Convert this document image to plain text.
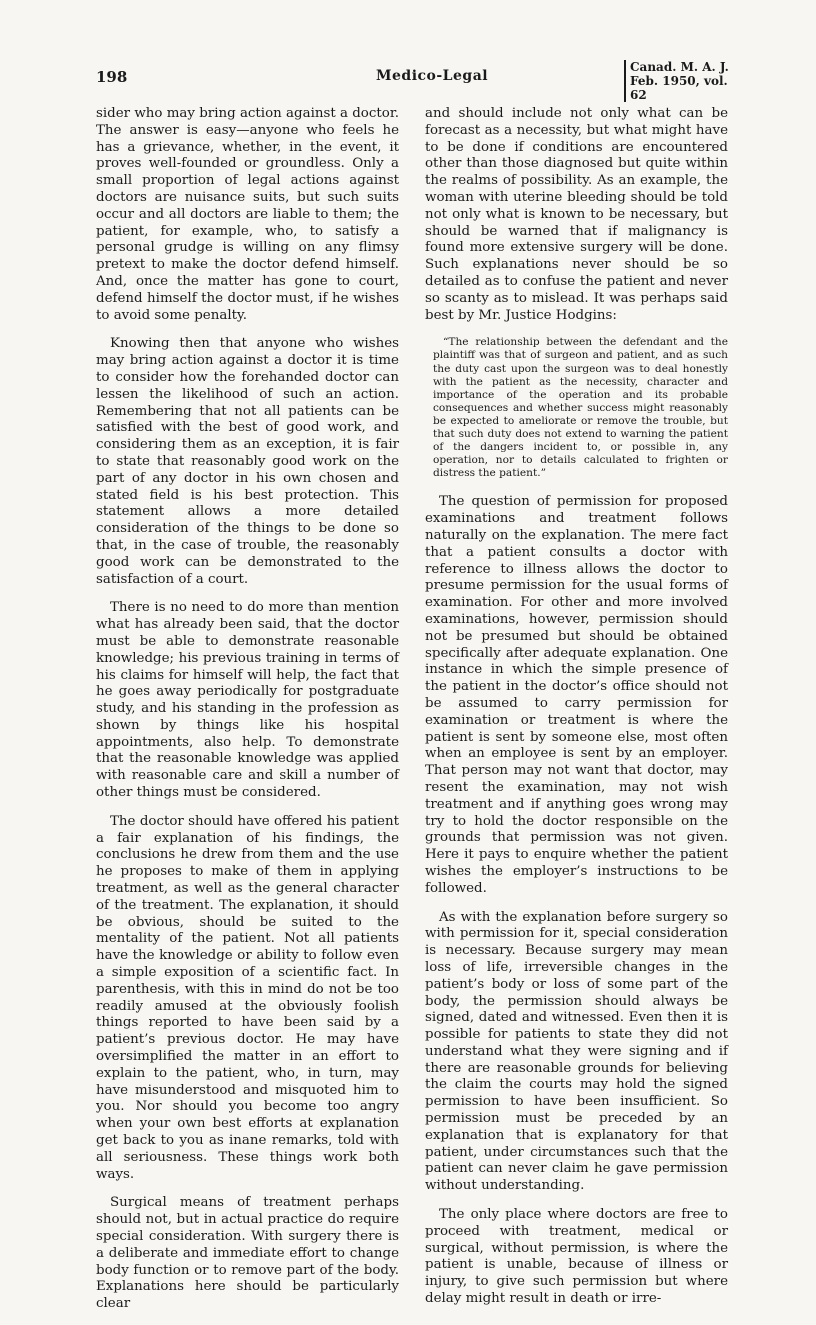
198	Medico-Legal
Canad. M. A. J.
Feb. 1950, vol. 62

sider who may bring action against a doctor. The answer is easy—anyone who feels he has a grievance, whether, in the event, it proves well-founded or groundless. Only a small proportion of legal actions against doctors are nuisance suits, but such suits occur and all doctors are liable to them; the patient, for example, who, to satisfy a personal grudge is willing on any flimsy pretext to make the doctor defend himself. And, once the matter has gone to court, defend himself the doctor must, if he wishes to avoid some penalty.

Knowing then that anyone who wishes may bring action against a doctor it is time to consider how the forehanded doctor can lessen the likelihood of such an action. Remembering that not all patients can be satisfied with the best of good work, and considering them as an exception, it is fair to state that reasonably good work on the part of any doctor in his own chosen and stated field is his best protection. This statement allows a more detailed consideration of the things to be done so that, in the case of trouble, the reasonably good work can be demonstrated to the satisfaction of a court.

There is no need to do more than mention what has already been said, that the doctor must be able to demonstrate reasonable knowledge; his previous training in terms of his claims for himself will help, the fact that he goes away periodically for postgraduate study, and his standing in the profession as shown by things like his hospital appointments, also help. To demonstrate that the reasonable knowledge was applied with reasonable care and skill a number of other things must be considered.

The doctor should have offered his patient a fair explanation of his findings, the conclusions he drew from them and the use he proposes to make of them in applying treatment, as well as the general character of the treatment. The explanation, it should be obvious, should be suited to the mentality of the patient. Not all patients have the knowledge or ability to follow even a simple exposition of a scientific fact. In parenthesis, with this in mind do not be too readily amused at the obviously foolish things reported to have been said by a patient’s previous doctor. He may have oversimplified the matter in an effort to explain to the patient, who, in turn, may have misunderstood and misquoted him to you. Nor should you become too angry when your own best efforts at explanation get back to you as inane remarks, told with all seriousness. These things work both ways.

Surgical means of treatment perhaps should not, but in actual practice do require special consideration. With surgery there is a deliberate and immediate effort to change body function or to remove part of the body. Explanations here should be particularly clear

and should include not only what can be forecast as a necessity, but what might have to be done if conditions are encountered other than those diagnosed but quite within the realms of possibility. As an example, the woman with uterine bleeding should be told not only what is known to be necessary, but should be warned that if malignancy is found more extensive surgery will be done. Such explanations never should be so detailed as to confuse the patient and never so scanty as to mislead. It was perhaps said best by Mr. Justice Hodgins:

“The relationship between the defendant and the plaintiff was that of surgeon and patient, and as such the duty cast upon the surgeon was to deal honestly with the patient as the necessity, character and importance of the operation and its probable consequences and whether success might reasonably be expected to ameliorate or remove the trouble, but that such duty does not extend to warning the patient of the dangers incident to, or possible in, any operation, nor to details calculated to frighten or distress the patient.”

The question of permission for proposed examinations and treatment follows naturally on the explanation. The mere fact that a patient consults a doctor with reference to illness allows the doctor to presume permission for the usual forms of examination. For other and more involved examinations, however, permission should not be presumed but should be obtained specifically after adequate explanation. One instance in which the simple presence of the patient in the doctor’s office should not be assumed to carry permission for examination or treatment is where the patient is sent by someone else, most often when an employee is sent by an employer. That person may not want that doctor, may resent the examination, may not wish treatment and if anything goes wrong may try to hold the doctor responsible on the grounds that permission was not given. Here it pays to enquire whether the patient wishes the employer’s instructions to be followed.

As with the explanation before surgery so with permission for it, special consideration is necessary. Because surgery may mean loss of life, irreversible changes in the patient’s body or loss of some part of the body, the permission should always be signed, dated and witnessed. Even then it is possible for patients to state they did not understand what they were signing and if there are reasonable grounds for believing the claim the courts may hold the signed permission to have been insufficient. So permission must be preceded by an explanation that is explanatory for that patient, under circumstances such that the patient can never claim he gave permission without understanding.

The only place where doctors are free to proceed with treatment, medical or surgical, without permission, is where the patient is unable, because of illness or injury, to give such permission but where delay might result in death or irre-
